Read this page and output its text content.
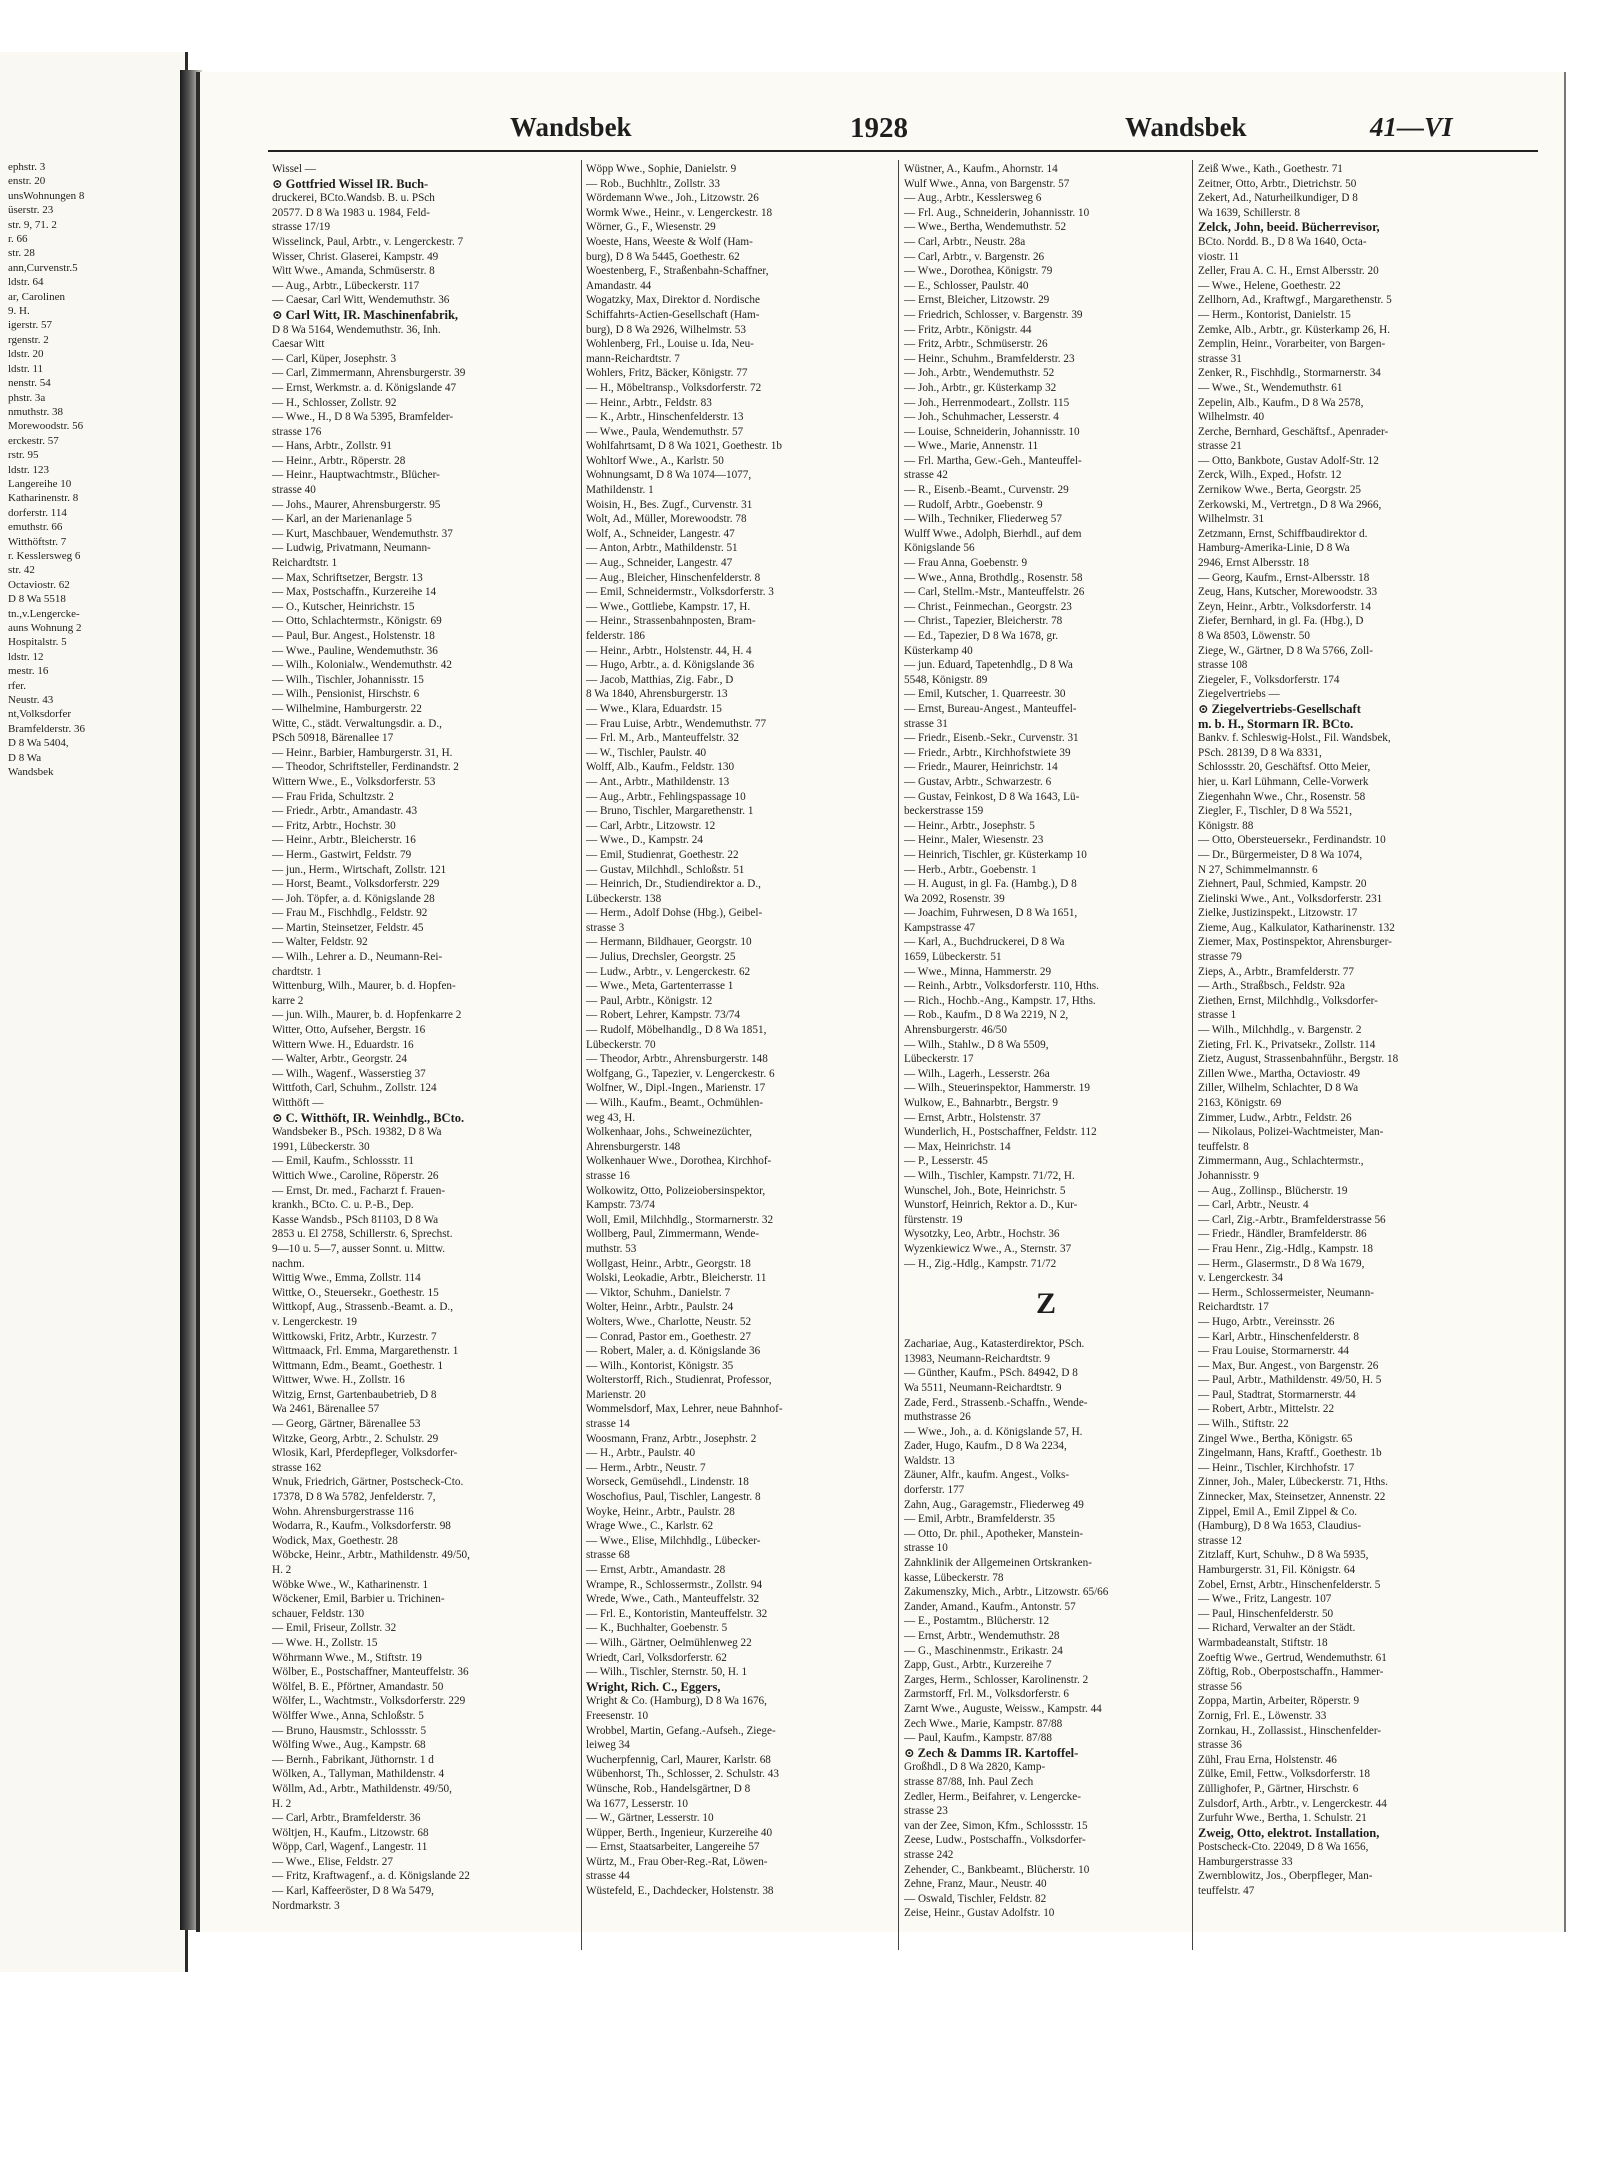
ephstr. 3

enstr. 20

unsWohnungen 8

üserstr. 23

str. 9, 71. 2

r. 66

str. 28

ann,Curvenstr.5

ldstr. 64

ar, Carolinen

9. H.

igerstr. 57

rgenstr. 2

ldstr. 20

ldstr. 11

nenstr. 54

phstr. 3a

nmuthstr. 38

Morewoodstr. 56

erckestr. 57

rstr. 95

ldstr. 123

Langereihe 10

Katharinenstr. 8

dorferstr. 114

emuthstr. 66

Witthöftstr. 7

r. Kesslersweg 6

str. 42

Octaviostr. 62

D 8 Wa 5518

tn.,v.Lengercke-

auns Wohnung 2

Hospitalstr. 5

ldstr. 12

mestr. 16

rfer.

Neustr. 43

nt,Volksdorfer

Bramfelderstr. 36

D 8 Wa 5404,

D 8 Wa

Wandsbek

Wandsbek	1928	Wandsbek	41—VI

Wissel —

⊙ Gottfried Wissel IR. Buch-

druckerei, BCto.Wandsb. B. u. PSch

20577. D 8 Wa 1983 u. 1984, Feld-

strasse 17/19

Wisselinck, Paul, Arbtr., v. Lengerckestr. 7

Wisser, Christ. Glaserei, Kampstr. 49

Witt Wwe., Amanda, Schmüserstr. 8

— Aug., Arbtr., Lübeckerstr. 117

— Caesar, Carl Witt, Wendemuthstr. 36

⊙ Carl Witt, IR. Maschinenfabrik,

D 8 Wa 5164, Wendemuthstr. 36, Inh.

Caesar Witt

— Carl, Küper, Josephstr. 3

— Carl, Zimmermann, Ahrensburgerstr. 39

— Ernst, Werkmstr. a. d. Königslande 47

— H., Schlosser, Zollstr. 92

— Wwe., H., D 8 Wa 5395, Bramfelder-

strasse 176

— Hans, Arbtr., Zollstr. 91

— Heinr., Arbtr., Röperstr. 28

— Heinr., Hauptwachtmstr., Blücher-

strasse 40

— Johs., Maurer, Ahrensburgerstr. 95

— Karl, an der Marienanlage 5

— Kurt, Maschbauer, Wendemuthstr. 37

— Ludwig, Privatmann, Neumann-

Reichardtstr. 1

— Max, Schriftsetzer, Bergstr. 13

— Max, Postschaffn., Kurzereihe 14

— O., Kutscher, Heinrichstr. 15

— Otto, Schlachtermstr., Königstr. 69

— Paul, Bur. Angest., Holstenstr. 18

— Wwe., Pauline, Wendemuthstr. 36

— Wilh., Kolonialw., Wendemuthstr. 42

— Wilh., Tischler, Johannisstr. 15

— Wilh., Pensionist, Hirschstr. 6

— Wilhelmine, Hamburgerstr. 22

Witte, C., städt. Verwaltungsdir. a. D.,

PSch 50918, Bärenallee 17

— Heinr., Barbier, Hamburgerstr. 31, H.

— Theodor, Schriftsteller, Ferdinandstr. 2

Wittern Wwe., E., Volksdorferstr. 53

— Frau Frida, Schultzstr. 2

— Friedr., Arbtr., Amandastr. 43

— Fritz, Arbtr., Hochstr. 30

— Heinr., Arbtr., Bleicherstr. 16

— Herm., Gastwirt, Feldstr. 79

— jun., Herm., Wirtschaft, Zollstr. 121

— Horst, Beamt., Volksdorferstr. 229

— Joh. Töpfer, a. d. Königslande 28

— Frau M., Fischhdlg., Feldstr. 92

— Martin, Steinsetzer, Feldstr. 45

— Walter, Feldstr. 92

— Wilh., Lehrer a. D., Neumann-Rei-

chardtstr. 1

Wittenburg, Wilh., Maurer, b. d. Hopfen-

karre 2

— jun. Wilh., Maurer, b. d. Hopfenkarre 2

Witter, Otto, Aufseher, Bergstr. 16

Wittern Wwe. H., Eduardstr. 16

— Walter, Arbtr., Georgstr. 24

— Wilh., Wagenf., Wasserstieg 37

Wittfoth, Carl, Schuhm., Zollstr. 124

Witthöft —

⊙ C. Witthöft, IR. Weinhdlg., BCto.

Wandsbeker B., PSch. 19382, D 8 Wa

1991, Lübeckerstr. 30

— Emil, Kaufm., Schlossstr. 11

Wittich Wwe., Caroline, Röperstr. 26

— Ernst, Dr. med., Facharzt f. Frauen-

krankh., BCto. C. u. P.-B., Dep.

Kasse Wandsb., PSch 81103, D 8 Wa

2853 u. El 2758, Schillerstr. 6, Sprechst.

9—10 u. 5—7, ausser Sonnt. u. Mittw.

nachm.

Wittig Wwe., Emma, Zollstr. 114

Wittke, O., Steuersekr., Goethestr. 15

Wittkopf, Aug., Strassenb.-Beamt. a. D.,

v. Lengerckestr. 19

Wittkowski, Fritz, Arbtr., Kurzestr. 7

Wittmaack, Frl. Emma, Margarethenstr. 1

Wittmann, Edm., Beamt., Goethestr. 1

Wittwer, Wwe. H., Zollstr. 16

Witzig, Ernst, Gartenbaubetrieb, D 8

Wa 2461, Bärenallee 57

— Georg, Gärtner, Bärenallee 53

Witzke, Georg, Arbtr., 2. Schulstr. 29

Wlosik, Karl, Pferdepfleger, Volksdorfer-

strasse 162

Wnuk, Friedrich, Gärtner, Postscheck-Cto.

17378, D 8 Wa 5782, Jenfelderstr. 7,

Wohn. Ahrensburgerstrasse 116

Wodarra, R., Kaufm., Volksdorferstr. 98

Wodick, Max, Goethestr. 28

Wöbcke, Heinr., Arbtr., Mathildenstr. 49/50,

H. 2

Wöbke Wwe., W., Katharinenstr. 1

Wöckener, Emil, Barbier u. Trichinen-

schauer, Feldstr. 130

— Emil, Friseur, Zollstr. 32

— Wwe. H., Zollstr. 15

Wöhrmann Wwe., M., Stiftstr. 19

Wölber, E., Postschaffner, Manteuffelstr. 36

Wölfel, B. E., Pförtner, Amandastr. 50

Wölfer, L., Wachtmstr., Volksdorferstr. 229

Wölffer Wwe., Anna, Schloßstr. 5

— Bruno, Hausmstr., Schlossstr. 5

Wölfing Wwe., Aug., Kampstr. 68

— Bernh., Fabrikant, Jüthornstr. 1 d

Wölken, A., Tallyman, Mathildenstr. 4

Wöllm, Ad., Arbtr., Mathildenstr. 49/50,

H. 2

— Carl, Arbtr., Bramfelderstr. 36

Wöltjen, H., Kaufm., Litzowstr. 68

Wöpp, Carl, Wagenf., Langestr. 11

— Wwe., Elise, Feldstr. 27

— Fritz, Kraftwagenf., a. d. Königslande 22

— Karl, Kaffeeröster, D 8 Wa 5479,

Nordmarkstr. 3

Wöpp Wwe., Sophie, Danielstr. 9

— Rob., Buchhltr., Zollstr. 33

Wördemann Wwe., Joh., Litzowstr. 26

Wormk Wwe., Heinr., v. Lengerckestr. 18

Wörner, G., F., Wiesenstr. 29

Woeste, Hans, Weeste & Wolf (Ham-

burg), D 8 Wa 5445, Goethestr. 62

Woestenberg, F., Straßenbahn-Schaffner,

Amandastr. 44

Wogatzky, Max, Direktor d. Nordische

Schiffahrts-Actien-Gesellschaft (Ham-

burg), D 8 Wa 2926, Wilhelmstr. 53

Wohlenberg, Frl., Louise u. Ida, Neu-

mann-Reichardtstr. 7

Wohlers, Fritz, Bäcker, Königstr. 77

— H., Möbeltransp., Volksdorferstr. 72

— Heinr., Arbtr., Feldstr. 83

— K., Arbtr., Hinschenfelderstr. 13

— Wwe., Paula, Wendemuthstr. 57

Wohlfahrtsamt, D 8 Wa 1021, Goethestr. 1b

Wohltorf Wwe., A., Karlstr. 50

Wohnungsamt, D 8 Wa 1074—1077,

Mathildenstr. 1

Woisin, H., Bes. Zugf., Curvenstr. 31

Wolt, Ad., Müller, Morewoodstr. 78

Wolf, A., Schneider, Langestr. 47

— Anton, Arbtr., Mathildenstr. 51

— Aug., Schneider, Langestr. 47

— Aug., Bleicher, Hinschenfelderstr. 8

— Emil, Schneidermstr., Volksdorferstr. 3

— Wwe., Gottliebe, Kampstr. 17, H.

— Heinr., Strassenbahnposten, Bram-

felderstr. 186

— Heinr., Arbtr., Holstenstr. 44, H. 4

— Hugo, Arbtr., a. d. Königslande 36

— Jacob, Matthias, Zig. Fabr., D

8 Wa 1840, Ahrensburgerstr. 13

— Wwe., Klara, Eduardstr. 15

— Frau Luise, Arbtr., Wendemuthstr. 77

— Frl. M., Arb., Manteuffelstr. 32

— W., Tischler, Paulstr. 40

Wolff, Alb., Kaufm., Feldstr. 130

— Ant., Arbtr., Mathildenstr. 13

— Aug., Arbtr., Fehlingspassage 10

— Bruno, Tischler, Margarethenstr. 1

— Carl, Arbtr., Litzowstr. 12

— Wwe., D., Kampstr. 24

— Emil, Studienrat, Goethestr. 22

— Gustav, Milchhdl., Schloßstr. 51

— Heinrich, Dr., Studiendirektor a. D.,

Lübeckerstr. 138

— Herm., Adolf Dohse (Hbg.), Geibel-

strasse 3

— Hermann, Bildhauer, Georgstr. 10

— Julius, Drechsler, Georgstr. 25

— Ludw., Arbtr., v. Lengerckestr. 62

— Wwe., Meta, Gartenterrasse 1

— Paul, Arbtr., Königstr. 12

— Robert, Lehrer, Kampstr. 73/74

— Rudolf, Möbelhandlg., D 8 Wa 1851,

Lübeckerstr. 70

— Theodor, Arbtr., Ahrensburgerstr. 148

Wolfgang, G., Tapezier, v. Lengerckestr. 6

Wolfner, W., Dipl.-Ingen., Marienstr. 17

— Wilh., Kaufm., Beamt., Ochmühlen-

weg 43, H.

Wolkenhaar, Johs., Schweinezüchter,

Ahrensburgerstr. 148

Wolkenhauer Wwe., Dorothea, Kirchhof-

strasse 16

Wolkowitz, Otto, Polizeiobersinspektor,

Kampstr. 73/74

Woll, Emil, Milchhdlg., Stormarnerstr. 32

Wollberg, Paul, Zimmermann, Wende-

muthstr. 53

Wollgast, Heinr., Arbtr., Georgstr. 18

Wolski, Leokadie, Arbtr., Bleicherstr. 11

— Viktor, Schuhm., Danielstr. 7

Wolter, Heinr., Arbtr., Paulstr. 24

Wolters, Wwe., Charlotte, Neustr. 52

— Conrad, Pastor em., Goethestr. 27

— Robert, Maler, a. d. Königslande 36

— Wilh., Kontorist, Königstr. 35

Wolterstorff, Rich., Studienrat, Professor,

Marienstr. 20

Wommelsdorf, Max, Lehrer, neue Bahnhof-

strasse 14

Woosmann, Franz, Arbtr., Josephstr. 2

— H., Arbtr., Paulstr. 40

— Herm., Arbtr., Neustr. 7

Worseck, Gemüsehdl., Lindenstr. 18

Woschofius, Paul, Tischler, Langestr. 8

Woyke, Heinr., Arbtr., Paulstr. 28

Wrage Wwe., C., Karlstr. 62

— Wwe., Elise, Milchhdlg., Lübecker-

strasse 68

— Ernst, Arbtr., Amandastr. 28

Wrampe, R., Schlossermstr., Zollstr. 94

Wrede, Wwe., Cath., Manteuffelstr. 32

— Frl. E., Kontoristin, Manteuffelstr. 32

— K., Buchhalter, Goebenstr. 5

— Wilh., Gärtner, Oelmühlenweg 22

Wriedt, Carl, Volksdorferstr. 62

— Wilh., Tischler, Sternstr. 50, H. 1

Wright, Rich. C., Eggers,

Wright & Co. (Hamburg), D 8 Wa 1676,

Freesenstr. 10

Wrobbel, Martin, Gefang.-Aufseh., Ziege-

leiweg 34

Wucherpfennig, Carl, Maurer, Karlstr. 68

Wübenhorst, Th., Schlosser, 2. Schulstr. 43

Wünsche, Rob., Handelsgärtner, D 8

Wa 1677, Lesserstr. 10

— W., Gärtner, Lesserstr. 10

Wüpper, Berth., Ingenieur, Kurzereihe 40

— Ernst, Staatsarbeiter, Langereihe 57

Würtz, M., Frau Ober-Reg.-Rat, Löwen-

strasse 44

Wüstefeld, E., Dachdecker, Holstenstr. 38

Wüstner, A., Kaufm., Ahornstr. 14

Wulf Wwe., Anna, von Bargenstr. 57

— Aug., Arbtr., Kesslersweg 6

— Frl. Aug., Schneiderin, Johannisstr. 10

— Wwe., Bertha, Wendemuthstr. 52

— Carl, Arbtr., Neustr. 28a

— Carl, Arbtr., v. Bargenstr. 26

— Wwe., Dorothea, Königstr. 79

— E., Schlosser, Paulstr. 40

— Ernst, Bleicher, Litzowstr. 29

— Friedrich, Schlosser, v. Bargenstr. 39

— Fritz, Arbtr., Königstr. 44

— Fritz, Arbtr., Schmüserstr. 26

— Heinr., Schuhm., Bramfelderstr. 23

— Joh., Arbtr., Wendemuthstr. 52

— Joh., Arbtr., gr. Küsterkamp 32

— Joh., Herrenmodeart., Zollstr. 115

— Joh., Schuhmacher, Lesserstr. 4

— Louise, Schneiderin, Johannisstr. 10

— Wwe., Marie, Annenstr. 11

— Frl. Martha, Gew.-Geh., Manteuffel-

strasse 42

— R., Eisenb.-Beamt., Curvenstr. 29

— Rudolf, Arbtr., Goebenstr. 9

— Wilh., Techniker, Fliederweg 57

Wulff Wwe., Adolph, Bierhdl., auf dem

Königslande 56

— Frau Anna, Goebenstr. 9

— Wwe., Anna, Brothdlg., Rosenstr. 58

— Carl, Stellm.-Mstr., Manteuffelstr. 26

— Christ., Feinmechan., Georgstr. 23

— Christ., Tapezier, Bleicherstr. 78

— Ed., Tapezier, D 8 Wa 1678, gr.

Küsterkamp 40

— jun. Eduard, Tapetenhdlg., D 8 Wa

5548, Königstr. 89

— Emil, Kutscher, 1. Quarreestr. 30

— Ernst, Bureau-Angest., Manteuffel-

strasse 31

— Friedr., Eisenb.-Sekr., Curvenstr. 31

— Friedr., Arbtr., Kirchhofstwiete 39

— Friedr., Maurer, Heinrichstr. 14

— Gustav, Arbtr., Schwarzestr. 6

— Gustav, Feinkost, D 8 Wa 1643, Lü-

beckerstrasse 159

— Heinr., Arbtr., Josephstr. 5

— Heinr., Maler, Wiesenstr. 23

— Heinrich, Tischler, gr. Küsterkamp 10

— Herb., Arbtr., Goebenstr. 1

— H. August, in gl. Fa. (Hambg.), D 8

Wa 2092, Rosenstr. 39

— Joachim, Fuhrwesen, D 8 Wa 1651,

Kampstrasse 47

— Karl, A., Buchdruckerei, D 8 Wa

1659, Lübeckerstr. 51

— Wwe., Minna, Hammerstr. 29

— Reinh., Arbtr., Volksdorferstr. 110, Hths.

— Rich., Hochb.-Ang., Kampstr. 17, Hths.

— Rob., Kaufm., D 8 Wa 2219, N 2,

Ahrensburgerstr. 46/50

— Wilh., Stahlw., D 8 Wa 5509,

Lübeckerstr. 17

— Wilh., Lagerh., Lesserstr. 26a

— Wilh., Steuerinspektor, Hammerstr. 19

Wulkow, E., Bahnarbtr., Bergstr. 9

— Ernst, Arbtr., Holstenstr. 37

Wunderlich, H., Postschaffner, Feldstr. 112

— Max, Heinrichstr. 14

— P., Lesserstr. 45

— Wilh., Tischler, Kampstr. 71/72, H.

Wunschel, Joh., Bote, Heinrichstr. 5

Wunstorf, Heinrich, Rektor a. D., Kur-

fürstenstr. 19

Wysotzky, Leo, Arbtr., Hochstr. 36

Wyzenkiewicz Wwe., A., Sternstr. 37

— H., Zig.-Hdlg., Kampstr. 71/72

Z

Zachariae, Aug., Katasterdirektor, PSch.

13983, Neumann-Reichardtstr. 9

— Günther, Kaufm., PSch. 84942, D 8

Wa 5511, Neumann-Reichardtstr. 9

Zade, Ferd., Strassenb.-Schaffn., Wende-

muthstrasse 26

— Wwe., Joh., a. d. Königslande 57, H.

Zader, Hugo, Kaufm., D 8 Wa 2234,

Waldstr. 13

Zäuner, Alfr., kaufm. Angest., Volks-

dorferstr. 177

Zahn, Aug., Garagemstr., Fliederweg 49

— Emil, Arbtr., Bramfelderstr. 35

— Otto, Dr. phil., Apotheker, Manstein-

strasse 10

Zahnklinik der Allgemeinen Ortskranken-

kasse, Lübeckerstr. 78

Zakumenszky, Mich., Arbtr., Litzowstr. 65/66

Zander, Amand., Kaufm., Antonstr. 57

— E., Postamtm., Blücherstr. 12

— Ernst, Arbtr., Wendemuthstr. 28

— G., Maschinenmstr., Erikastr. 24

Zapp, Gust., Arbtr., Kurzereihe 7

Zarges, Herm., Schlosser, Karolinenstr. 2

Zarmstorff, Frl. M., Volksdorferstr. 6

Zarnt Wwe., Auguste, Weissw., Kampstr. 44

Zech Wwe., Marie, Kampstr. 87/88

— Paul, Kaufm., Kampstr. 87/88

⊙ Zech & Damms IR. Kartoffel-

Großhdl., D 8 Wa 2820, Kamp-

strasse 87/88, Inh. Paul Zech

Zedler, Herm., Beifahrer, v. Lengercke-

strasse 23

van der Zee, Simon, Kfm., Schlossstr. 15

Zeese, Ludw., Postschaffn., Volksdorfer-

strasse 242

Zehender, C., Bankbeamt., Blücherstr. 10

Zehne, Franz, Maur., Neustr. 40

— Oswald, Tischler, Feldstr. 82

Zeise, Heinr., Gustav Adolfstr. 10

Zeiß Wwe., Kath., Goethestr. 71

Zeitner, Otto, Arbtr., Dietrichstr. 50

Zekert, Ad., Naturheilkundiger, D 8

Wa 1639, Schillerstr. 8

Zelck, John, beeid. Bücherrevisor,

BCto. Nordd. B., D 8 Wa 1640, Octa-

viostr. 11

Zeller, Frau A. C. H., Ernst Albersstr. 20

— Wwe., Helene, Goethestr. 22

Zellhorn, Ad., Kraftwgf., Margarethenstr. 5

— Herm., Kontorist, Danielstr. 15

Zemke, Alb., Arbtr., gr. Küsterkamp 26, H.

Zemplin, Heinr., Vorarbeiter, von Bargen-

strasse 31

Zenker, R., Fischhdlg., Stormarnerstr. 34

— Wwe., St., Wendemuthstr. 61

Zepelin, Alb., Kaufm., D 8 Wa 2578,

Wilhelmstr. 40

Zerche, Bernhard, Geschäftsf., Apenrader-

strasse 21

— Otto, Bankbote, Gustav Adolf-Str. 12

Zerck, Wilh., Exped., Hofstr. 12

Zernikow Wwe., Berta, Georgstr. 25

Zerkowski, M., Vertretgn., D 8 Wa 2966,

Wilhelmstr. 31

Zetzmann, Ernst, Schiffbaudirektor d.

Hamburg-Amerika-Linie, D 8 Wa

2946, Ernst Albersstr. 18

— Georg, Kaufm., Ernst-Albersstr. 18

Zeug, Hans, Kutscher, Morewoodstr. 33

Zeyn, Heinr., Arbtr., Volksdorferstr. 14

Ziefer, Bernhard, in gl. Fa. (Hbg.), D

8 Wa 8503, Löwenstr. 50

Ziege, W., Gärtner, D 8 Wa 5766, Zoll-

strasse 108

Ziegeler, F., Volksdorferstr. 174

Ziegelvertriebs —

⊙ Ziegelvertriebs-Gesellschaft

m. b. H., Stormarn IR. BCto.

Bankv. f. Schleswig-Holst., Fil. Wandsbek,

PSch. 28139, D 8 Wa 8331,

Schlossstr. 20, Geschäftsf. Otto Meier,

hier, u. Karl Lühmann, Celle-Vorwerk

Ziegenhahn Wwe., Chr., Rosenstr. 58

Ziegler, F., Tischler, D 8 Wa 5521,

Königstr. 88

— Otto, Obersteuersekr., Ferdinandstr. 10

— Dr., Bürgermeister, D 8 Wa 1074,

N 27, Schimmelmannstr. 6

Ziehnert, Paul, Schmied, Kampstr. 20

Zielinski Wwe., Ant., Volksdorferstr. 231

Zielke, Justizinspekt., Litzowstr. 17

Zieme, Aug., Kalkulator, Katharinenstr. 132

Ziemer, Max, Postinspektor, Ahrensburger-

strasse 79

Zieps, A., Arbtr., Bramfelderstr. 77

— Arth., Straßbsch., Feldstr. 92a

Ziethen, Ernst, Milchhdlg., Volksdorfer-

strasse 1

— Wilh., Milchhdlg., v. Bargenstr. 2

Zieting, Frl. K., Privatsekr., Zollstr. 114

Zietz, August, Strassenbahnführ., Bergstr. 18

Zillen Wwe., Martha, Octaviostr. 49

Ziller, Wilhelm, Schlachter, D 8 Wa

2163, Königstr. 69

Zimmer, Ludw., Arbtr., Feldstr. 26

— Nikolaus, Polizei-Wachtmeister, Man-

teuffelstr. 8

Zimmermann, Aug., Schlachtermstr.,

Johannisstr. 9

— Aug., Zollinsp., Blücherstr. 19

— Carl, Arbtr., Neustr. 4

— Carl, Zig.-Arbtr., Bramfelderstrasse 56

— Friedr., Händler, Bramfelderstr. 86

— Frau Henr., Zig.-Hdlg., Kampstr. 18

— Herm., Glasermstr., D 8 Wa 1679,

v. Lengerckestr. 34

— Herm., Schlossermeister, Neumann-

Reichardtstr. 17

— Hugo, Arbtr., Vereinsstr. 26

— Karl, Arbtr., Hinschenfelderstr. 8

— Frau Louise, Stormarnerstr. 44

— Max, Bur. Angest., von Bargenstr. 26

— Paul, Arbtr., Mathildenstr. 49/50, H. 5

— Paul, Stadtrat, Stormarnerstr. 44

— Robert, Arbtr., Mittelstr. 22

— Wilh., Stiftstr. 22

Zingel Wwe., Bertha, Königstr. 65

Zingelmann, Hans, Kraftf., Goethestr. 1b

— Heinr., Tischler, Kirchhofstr. 17

Zinner, Joh., Maler, Lübeckerstr. 71, Hths.

Zinnecker, Max, Steinsetzer, Annenstr. 22

Zippel, Emil A., Emil Zippel & Co.

(Hamburg), D 8 Wa 1653, Claudius-

strasse 12

Zitzlaff, Kurt, Schuhw., D 8 Wa 5935,

Hamburgerstr. 31, Fil. Königstr. 64

Zobel, Ernst, Arbtr., Hinschenfelderstr. 5

— Wwe., Fritz, Langestr. 107

— Paul, Hinschenfelderstr. 50

— Richard, Verwalter an der Städt.

Warmbadeanstalt, Stiftstr. 18

Zoeftig Wwe., Gertrud, Wendemuthstr. 61

Zöftig, Rob., Oberpostschaffn., Hammer-

strasse 56

Zoppa, Martin, Arbeiter, Röperstr. 9

Zornig, Frl. E., Löwenstr. 33

Zornkau, H., Zollassist., Hinschenfelder-

strasse 36

Zühl, Frau Erna, Holstenstr. 46

Zülke, Emil, Fettw., Volksdorferstr. 18

Züllighofer, P., Gärtner, Hirschstr. 6

Zulsdorf, Arth., Arbtr., v. Lengerckestr. 44

Zurfuhr Wwe., Bertha, 1. Schulstr. 21

Zweig, Otto, elektrot. Installation,

Postscheck-Cto. 22049, D 8 Wa 1656,

Hamburgerstrasse 33

Zwernblowitz, Jos., Oberpfleger, Man-

teuffelstr. 47
